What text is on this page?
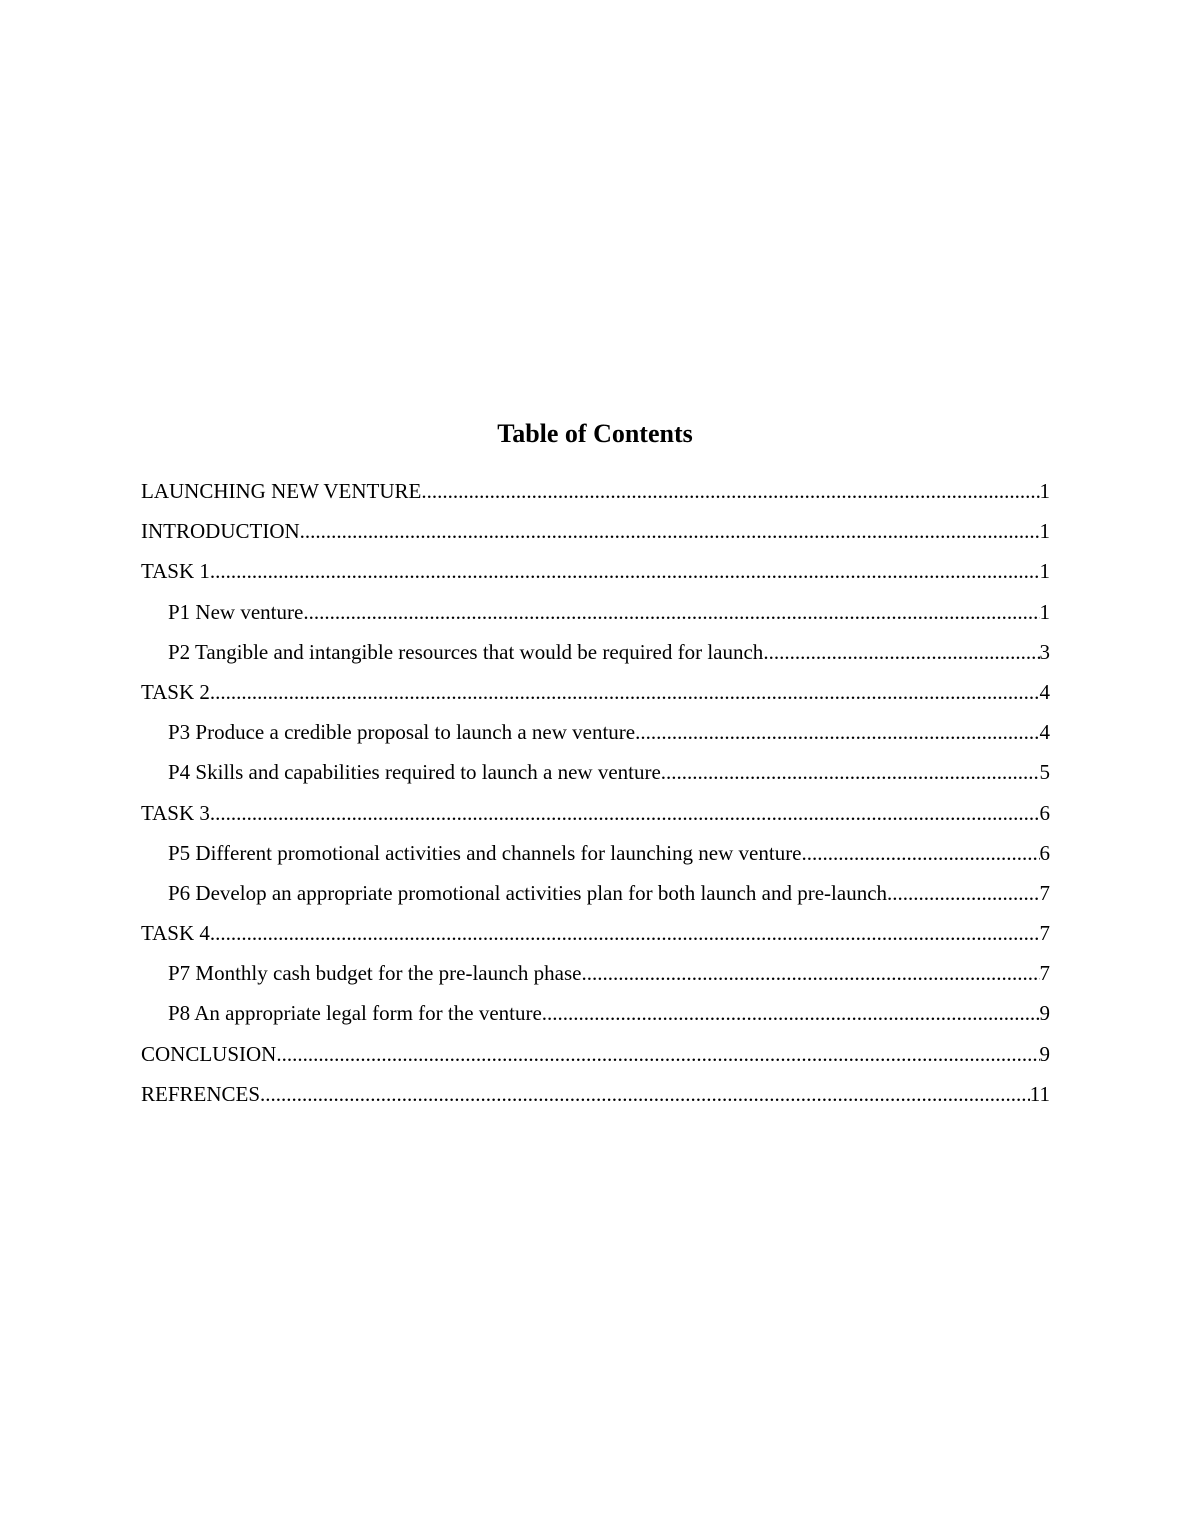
Table of Contents
LAUNCHING NEW VENTURE .....	1
INTRODUCTION .....	1
TASK 1 .....	1
P1 New venture .....	1
P2 Tangible and intangible resources that would be required for launch .....	3
TASK 2 .....	4
P3 Produce a credible proposal to launch a new venture .....	4
P4 Skills and capabilities required to launch a new venture .....	5
TASK 3 .....	6
P5 Different promotional activities and channels for launching new venture .....	6
P6 Develop an appropriate promotional activities plan for both launch and pre-launch .....	7
TASK 4 .....	7
P7 Monthly cash budget for the pre-launch phase .....	7
P8 An appropriate legal form for the venture .....	9
CONCLUSION .....	9
REFRENCES .....	11
